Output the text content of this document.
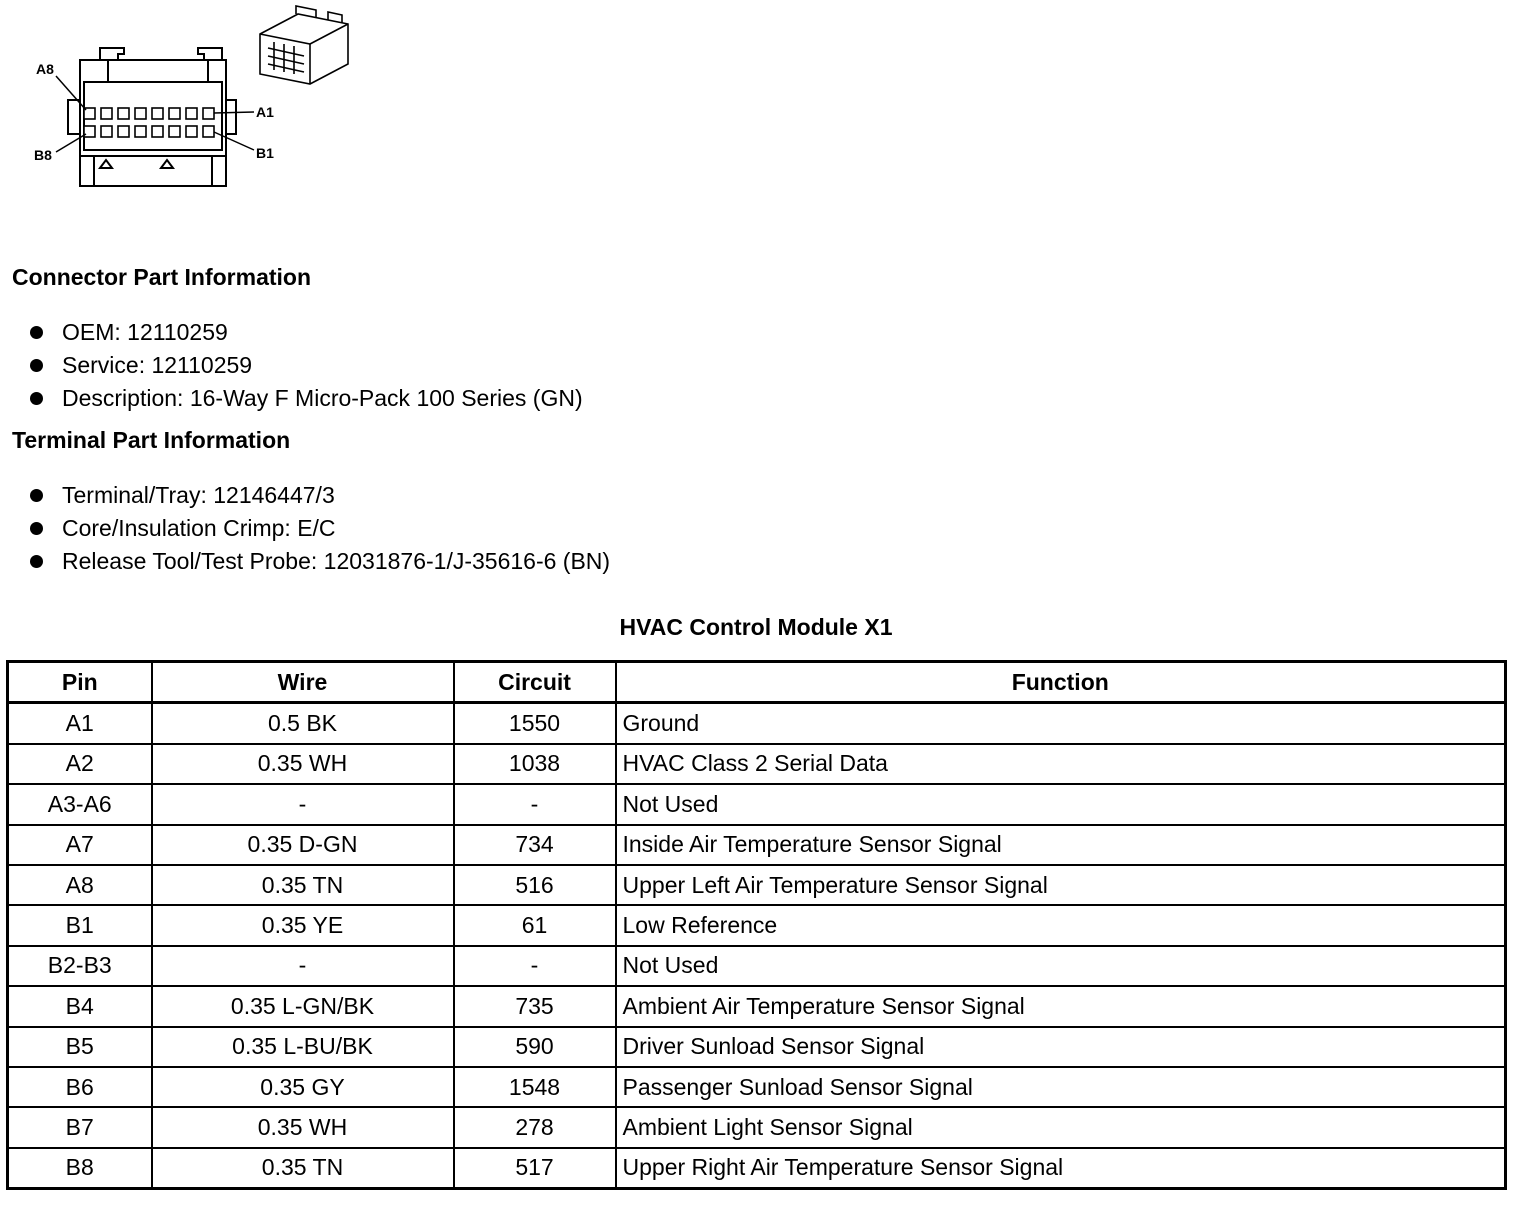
A8
A1
B8	B1
Connector Part Information
OEM: 12110259
Service: 12110259
Description: 16-Way F Micro-Pack 100 Series (GN)
Terminal Part Information
Terminal/Tray: 12146447/3
Core/Insulation Crimp: E/C
Release Tool/Test Probe: 12031876-1/J-35616-6 (BN)
HVAC Control Module X1
Pin	Wire	Circuit	Function
A1	0.5 BK	1550	Ground
A2	0.35 WH	1038	HVAC Class 2 Serial Data
A3-A6	-	-	Not Used
A7	0.35 D-GN	734	Inside Air Temperature Sensor Signal
A8	0.35 TN	516	Upper Left Air Temperature Sensor Signal
B1	0.35 YE	61	Low Reference
B2-B3	-	-	Not Used
B4	0.35 L-GN/BK	735	Ambient Air Temperature Sensor Signal
B5	0.35 L-BU/BK	590	Driver Sunload Sensor Signal
B6	0.35 GY	1548	Passenger Sunload Sensor Signal
B7	0.35 WH	278	Ambient Light Sensor Signal
B8	0.35 TN	517	Upper Right Air Temperature Sensor Signal
